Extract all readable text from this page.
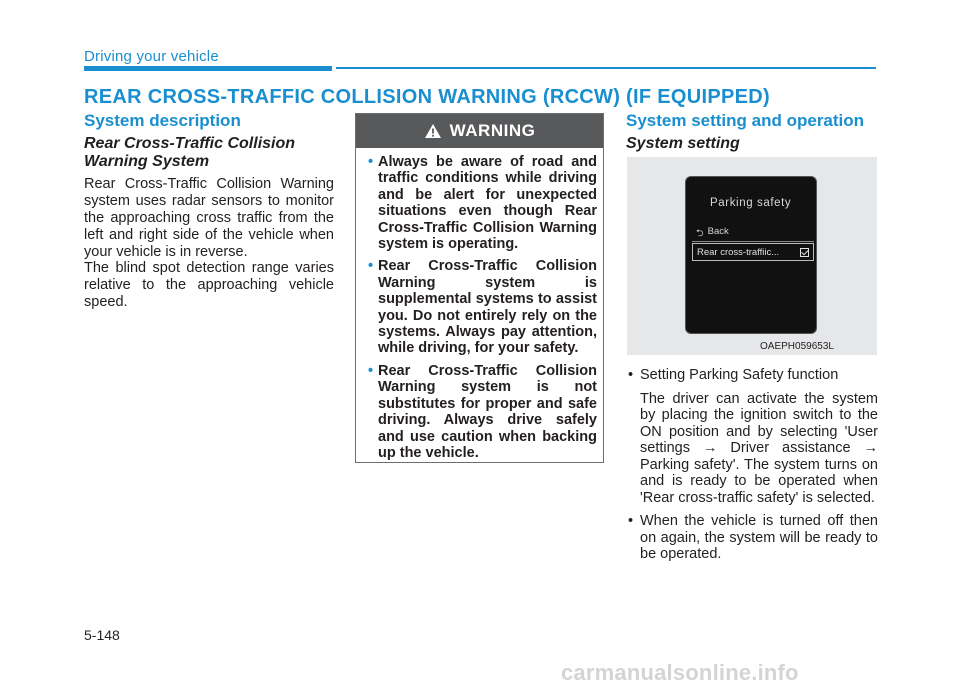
Driving your vehicle
REAR CROSS-TRAFFIC COLLISION WARNING (RCCW) (IF EQUIPPED)
System description
Rear Cross-Traffic Collision Warning System
Rear Cross-Traffic Collision Warning system uses radar sensors to monitor the approaching cross traffic from the left and right side of the vehicle when your vehicle is in reverse.
The blind spot detection range varies relative to the approaching vehicle speed.
WARNING
• Always be aware of road and traffic conditions while driving and be alert for unexpected situations even though Rear Cross-Traffic Collision Warning system is operating.
• Rear Cross-Traffic Collision Warning system is supplemental systems to assist you. Do not entirely rely on the systems. Always pay attention, while driving, for your safety.
• Rear Cross-Traffic Collision Warning system is not substitutes for proper and safe driving. Always drive safely and use caution when backing up the vehicle.
System setting and operation
System setting
Parking safety
⮌ Back
Rear cross-traffiic...
OAEPH059653L
• Setting Parking Safety function
The driver can activate the system by placing the ignition switch to the ON position and by selecting 'User settings → Driver assistance → Parking safety'. The system turns on and is ready to be operated when 'Rear cross-traffic safety' is selected.
• When the vehicle is turned off then on again, the system will be ready to be operated.
5-148
carmanualsonline.info
